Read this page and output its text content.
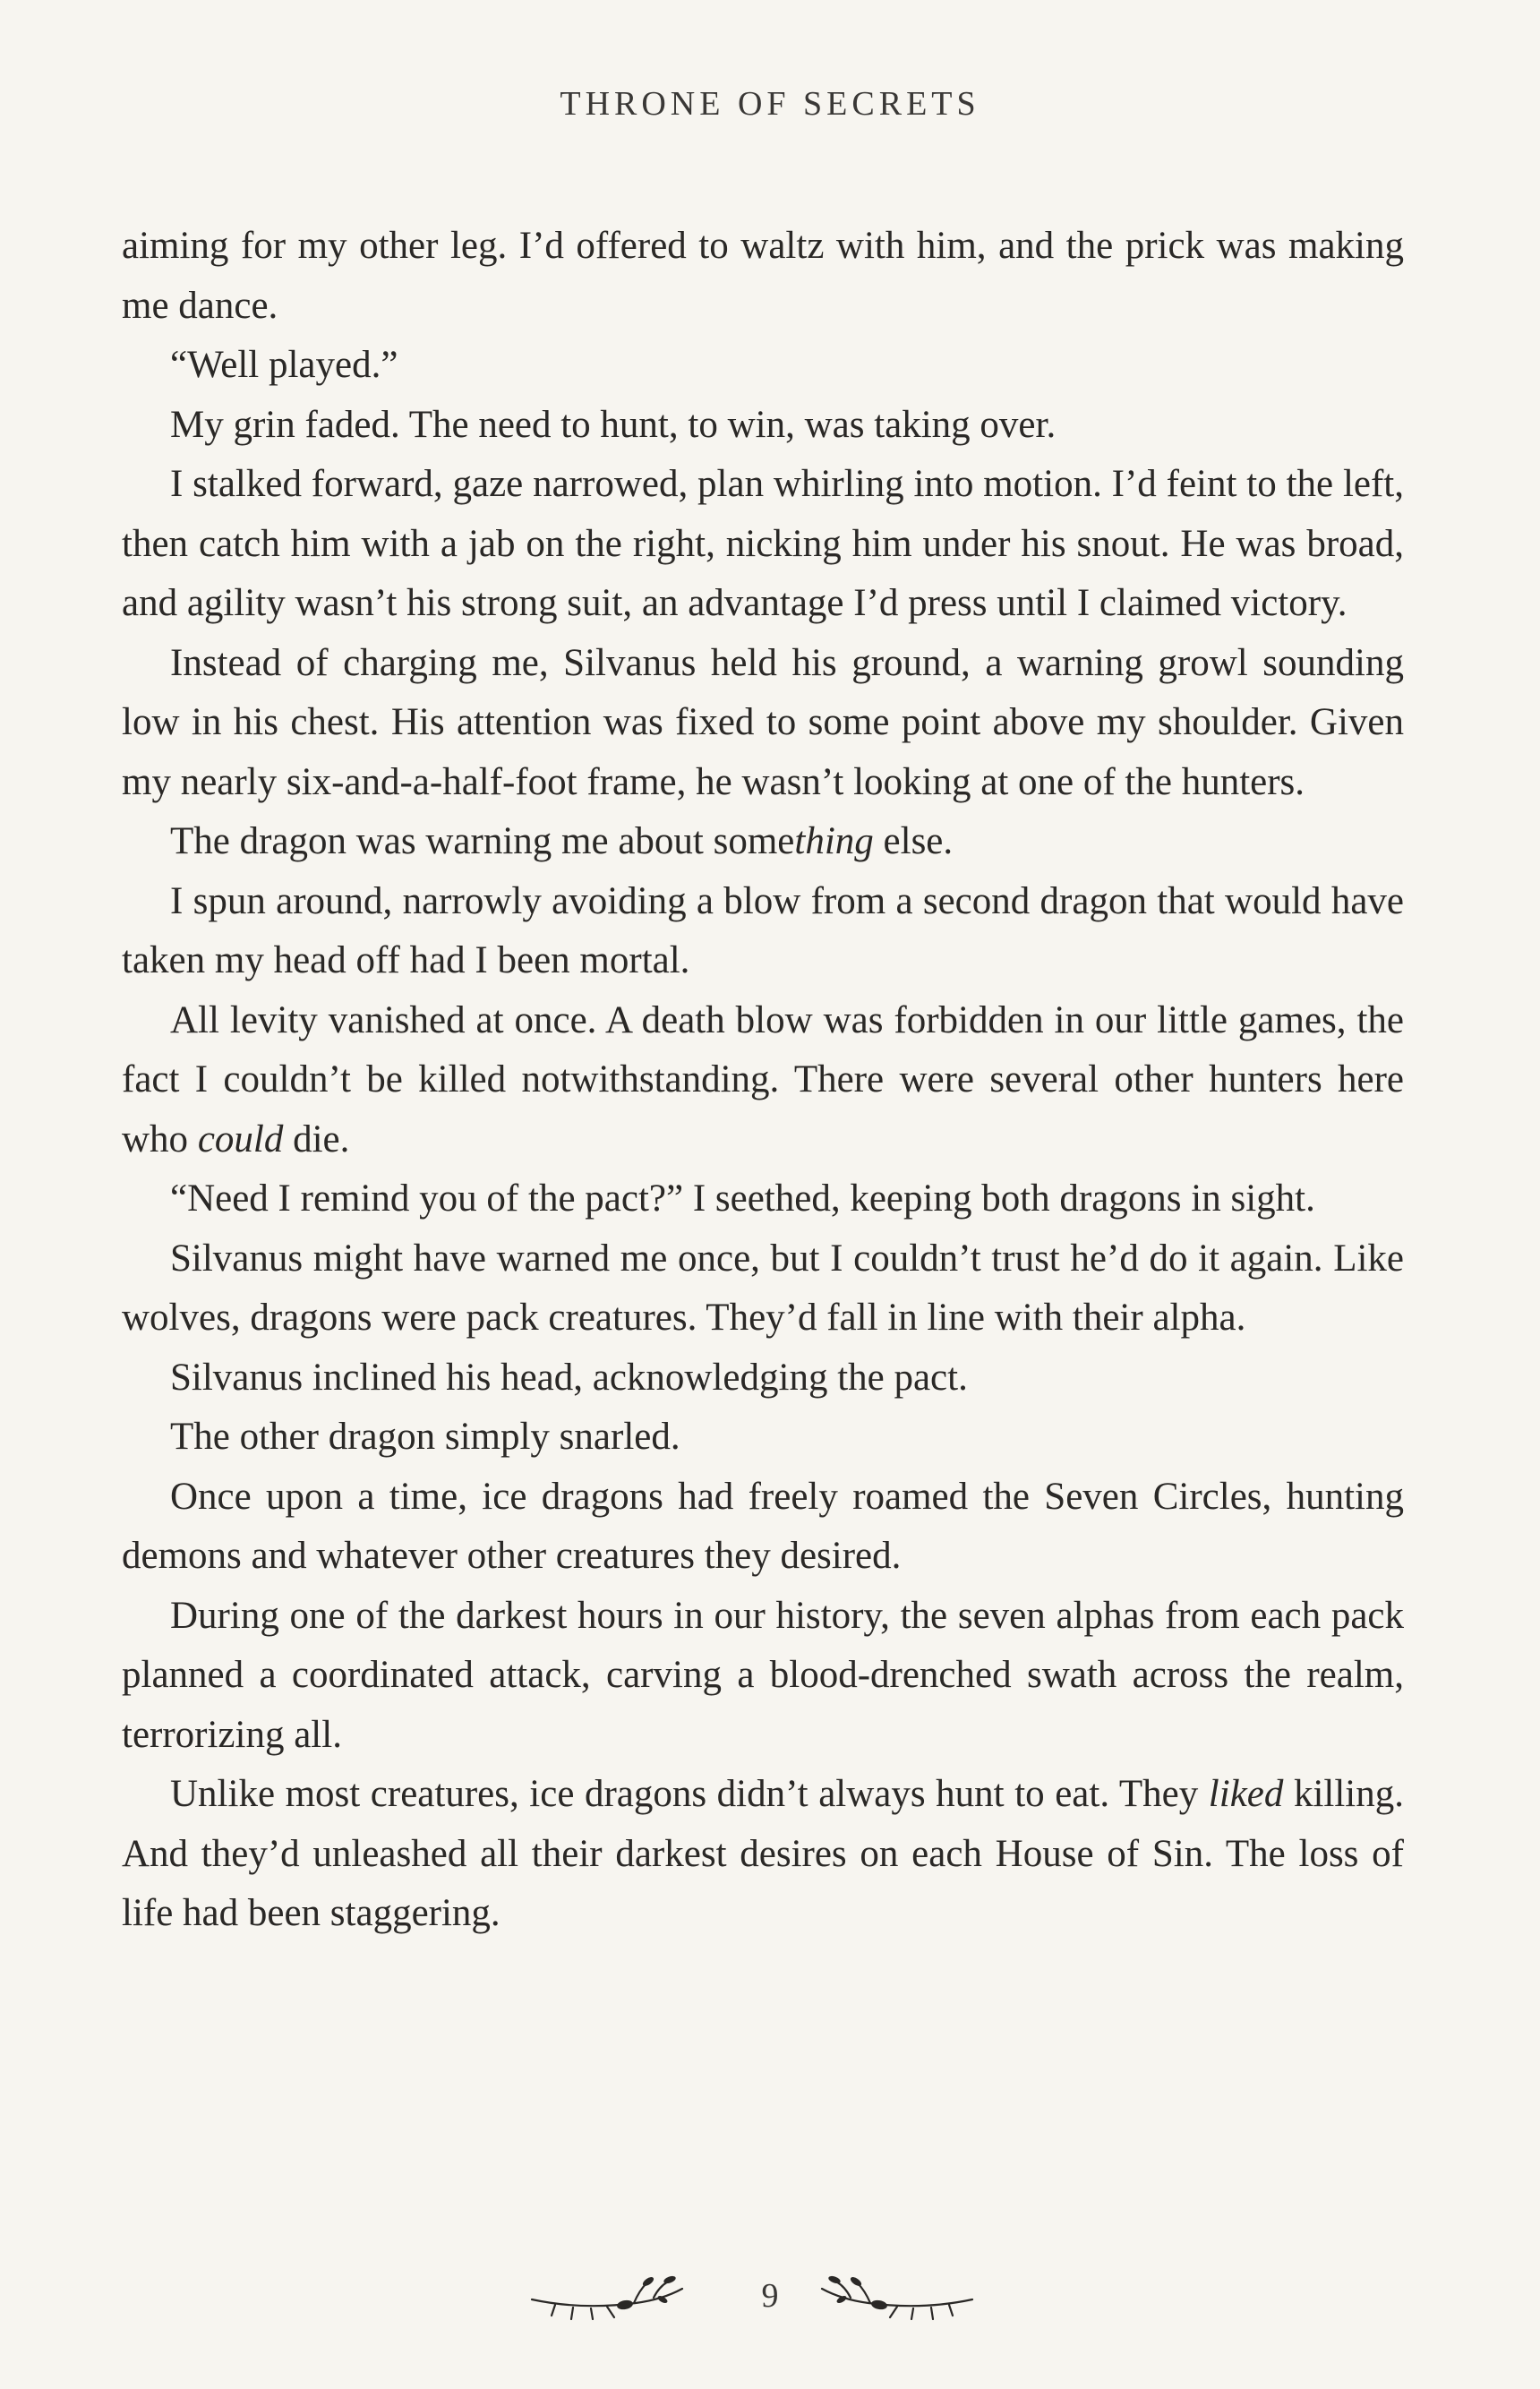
THRONE OF SECRETS

aiming for my other leg. I’d offered to waltz with him, and the prick was making me dance.

“Well played.”

My grin faded. The need to hunt, to win, was taking over.

I stalked forward, gaze narrowed, plan whirling into motion. I’d feint to the left, then catch him with a jab on the right, nicking him under his snout. He was broad, and agility wasn’t his strong suit, an advantage I’d press until I claimed victory.

Instead of charging me, Silvanus held his ground, a warning growl sounding low in his chest. His attention was fixed to some point above my shoulder. Given my nearly six-and-a-half-foot frame, he wasn’t looking at one of the hunters.

The dragon was warning me about something else.

I spun around, narrowly avoiding a blow from a second dragon that would have taken my head off had I been mortal.

All levity vanished at once. A death blow was forbidden in our little games, the fact I couldn’t be killed notwithstanding. There were several other hunters here who could die.

“Need I remind you of the pact?” I seethed, keeping both dragons in sight.

Silvanus might have warned me once, but I couldn’t trust he’d do it again. Like wolves, dragons were pack creatures. They’d fall in line with their alpha.

Silvanus inclined his head, acknowledging the pact.

The other dragon simply snarled.

Once upon a time, ice dragons had freely roamed the Seven Circles, hunting demons and whatever other creatures they desired.

During one of the darkest hours in our history, the seven alphas from each pack planned a coordinated attack, carving a blood-drenched swath across the realm, terrorizing all.

Unlike most creatures, ice dragons didn’t always hunt to eat. They liked killing. And they’d unleashed all their darkest desires on each House of Sin. The loss of life had been staggering.

9
